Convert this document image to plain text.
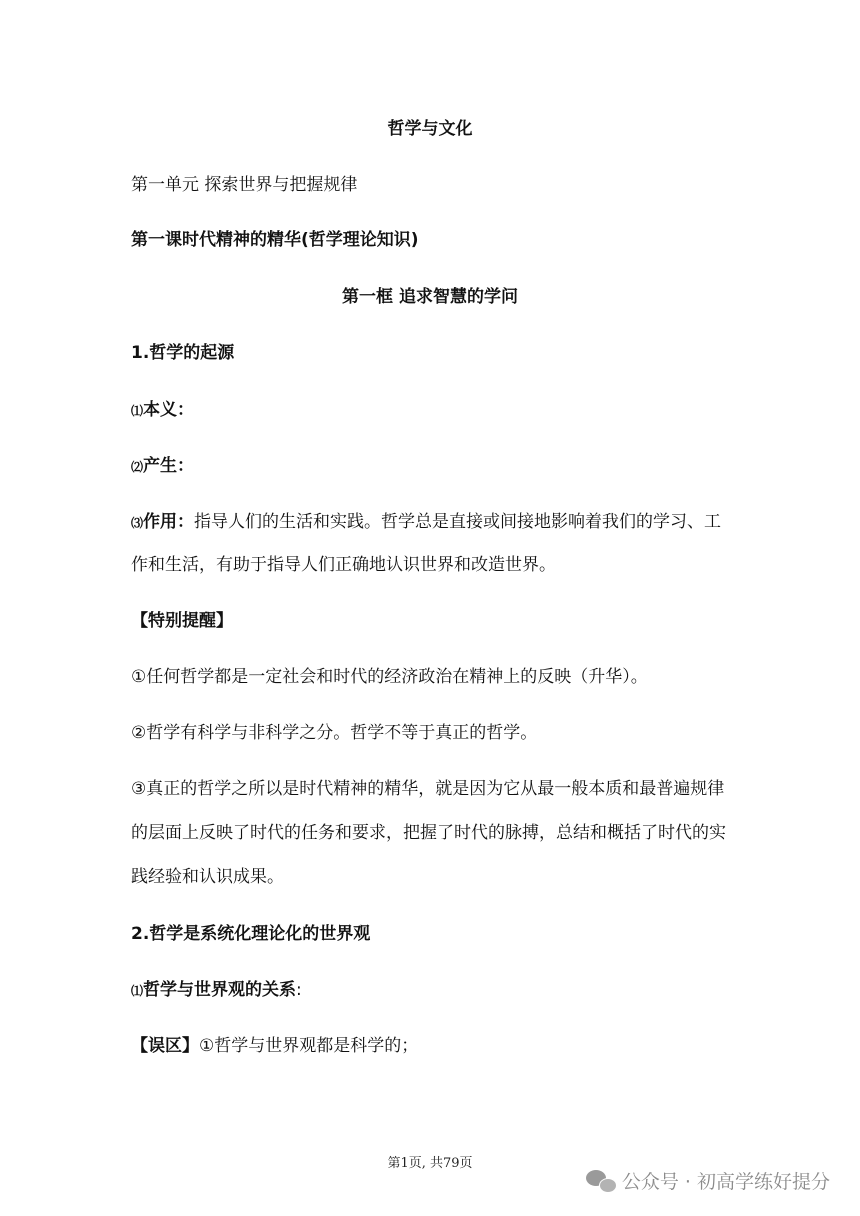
哲学与文化
第一单元 探索世界与把握规律
第一课时代精神的精华(哲学理论知识)
第一框 追求智慧的学问
1.哲学的起源
⑴本义：
⑵产生：
⑶作用：指导人们的生活和实践。哲学总是直接或间接地影响着我们的学习、工
作和生活，有助于指导人们正确地认识世界和改造世界。
【特别提醒】
①任何哲学都是一定社会和时代的经济政治在精神上的反映（升华）。
②哲学有科学与非科学之分。哲学不等于真正的哲学。
③真正的哲学之所以是时代精神的精华，就是因为它从最一般本质和最普遍规律
的层面上反映了时代的任务和要求，把握了时代的脉搏，总结和概括了时代的实
践经验和认识成果。
2.哲学是系统化理论化的世界观
⑴哲学与世界观的关系:
【误区】①哲学与世界观都是科学的；
第1页, 共79页
公众号 · 初高学练好提分
